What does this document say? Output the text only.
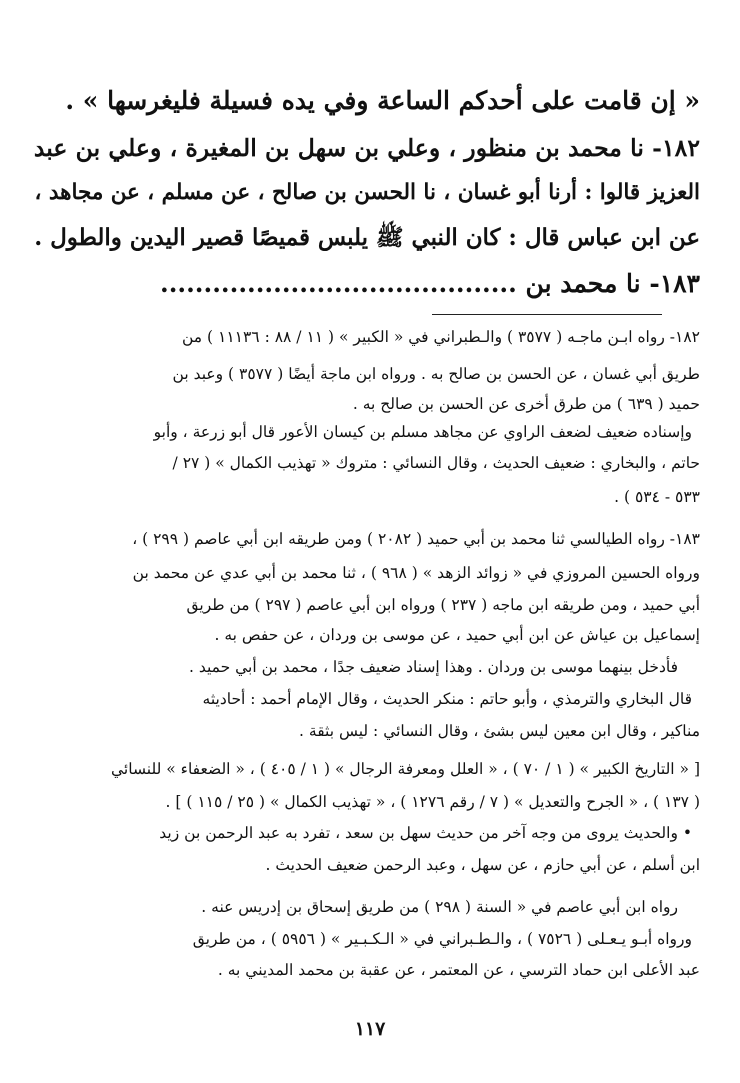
« إن قامت على أحدكم الساعة وفي يده فسيلة فليغرسها » .
١٨٢- نا محمد بن منظور ، وعلي بن سهل بن المغيرة ، وعلي بن عبد
العزيز قالوا : أرنا أبو غسان ، نا الحسن بن صالح ، عن مسلم ، عن مجاهد ،
عن ابن عباس قال : كان النبي ﷺ يلبس قميصًا قصير اليدين والطول .
١٨٣- نا محمد بن .........................................
١٨٢- رواه ابـن ماجـه ( ٣٥٧٧ ) والـطبراني في « الكبير » ( ١١ / ٨٨ : ١١١٣٦ ) من
طريق أبي غسان ، عن الحسن بن صالح به . ورواه ابن ماجة أيضًا ( ٣٥٧٧ ) وعبد بن
حميد ( ٦٣٩ ) من طرق أخرى عن الحسن بن صالح به .
وإسناده ضعيف لضعف الراوي عن مجاهد مسلم بن كيسان الأعور قال أبو زرعة ، وأبو
حاتم ، والبخاري : ضعيف الحديث ، وقال النسائي : متروك « تهذيب الكمال » ( ٢٧ /
٥٣٣ - ٥٣٤ ) .
١٨٣- رواه الطيالسي ثنا محمد بن أبي حميد ( ٢٠٨٢ ) ومن طريقه ابن أبي عاصم ( ٢٩٩ ) ،
ورواه الحسين المروزي في « زوائد الزهد » ( ٩٦٨ ) ، ثنا محمد بن أبي عدي عن محمد بن
أبي حميد ، ومن طريقه ابن ماجه ( ٢٣٧ ) ورواه ابن أبي عاصم ( ٢٩٧ ) من طريق
إسماعيل بن عياش عن ابن أبي حميد ، عن موسى بن وردان ، عن حفص به .
فأدخل بينهما موسى بن وردان . وهذا إسناد ضعيف جدًا ، محمد بن أبي حميد .
قال البخاري والترمذي ، وأبو حاتم : منكر الحديث ، وقال الإمام أحمد : أحاديثه
مناكير ، وقال ابن معين ليس بشئ ، وقال النسائي : ليس بثقة .
[ « التاريخ الكبير » ( ١ / ٧٠ ) ، « العلل ومعرفة الرجال » ( ١ / ٤٠٥ ) ، « الضعفاء » للنسائي
( ١٣٧ ) ، « الجرح والتعديل » ( ٧ / رقم ١٢٧٦ ) ، « تهذيب الكمال » ( ٢٥ / ١١٥ ) ] .
• والحديث يروى من وجه آخر من حديث سهل بن سعد ، تفرد به عبد الرحمن بن زيد
ابن أسلم ، عن أبي حازم ، عن سهل ، وعبد الرحمن ضعيف الحديث .
رواه ابن أبي عاصم في « السنة ( ٢٩٨ ) من طريق إسحاق بن إدريس عنه .
ورواه أبـو يـعـلى ( ٧٥٢٦ ) ، والـطـبراني في « الـكـبـير » ( ٥٩٥٦ ) ، من طريق
عبد الأعلى ابن حماد الترسي ، عن المعتمر ، عن عقبة بن محمد المديني به .
١١٧
